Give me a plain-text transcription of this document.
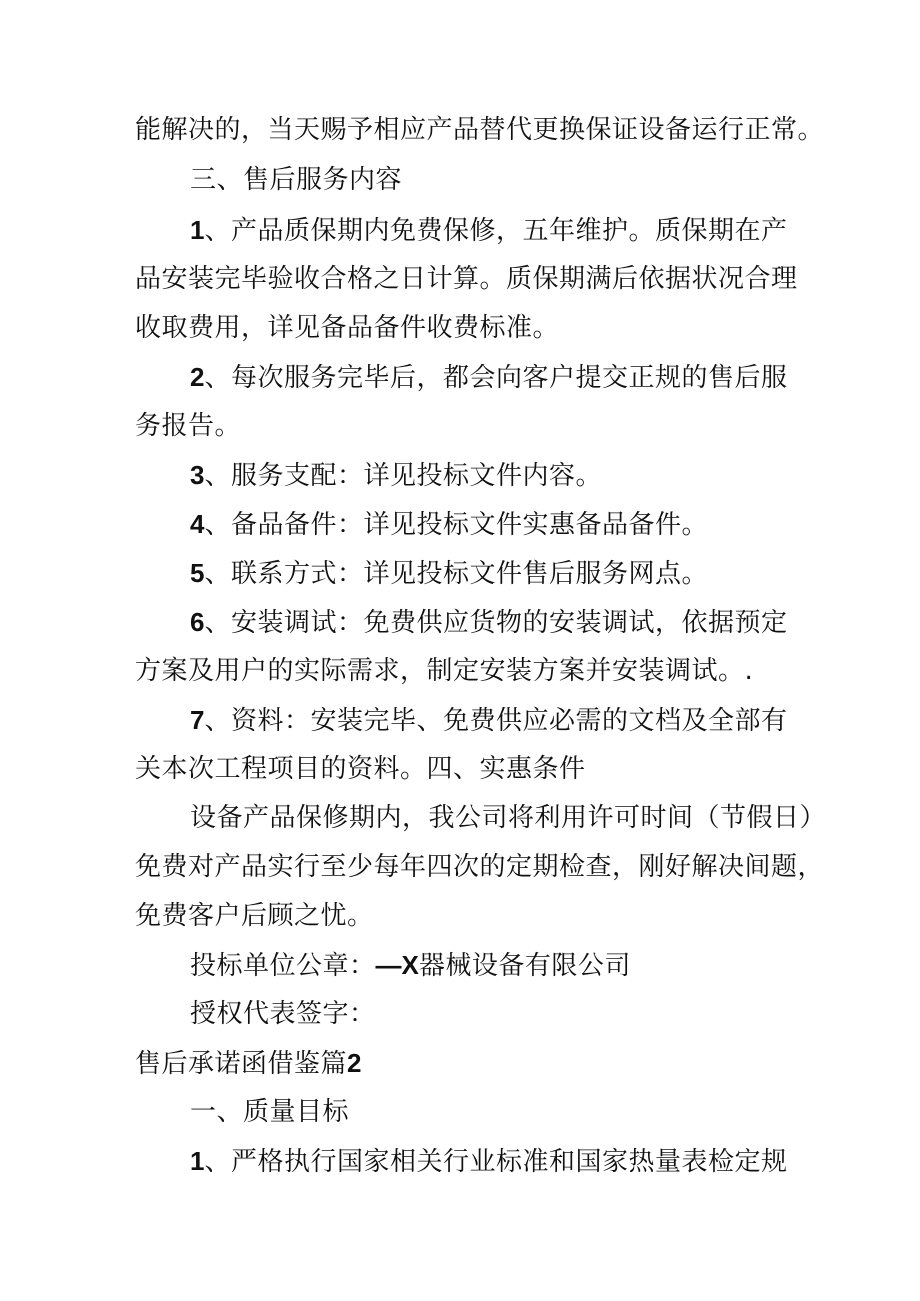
能解决的，当天赐予相应产品替代更换保证设备运行正常。
三、售后服务内容
1、产品质保期内免费保修，五年维护。质保期在产
品安装完毕验收合格之日计算。质保期满后依据状况合理
收取费用，详见备品备件收费标准。
2、每次服务完毕后，都会向客户提交正规的售后服
务报告。
3、服务支配：详见投标文件内容。
4、备品备件：详见投标文件实惠备品备件。
5、联系方式：详见投标文件售后服务网点。
6、安装调试：免费供应货物的安装调试，依据预定
方案及用户的实际需求，制定安装方案并安装调试。.
7、资料：安装完毕、免费供应必需的文档及全部有
关本次工程项目的资料。四、实惠条件
设备产品保修期内，我公司将利用许可时间（节假日）
免费对产品实行至少每年四次的定期检查，刚好解决间题，
免费客户后顾之忧。
投标单位公章：—X器械设备有限公司
授权代表签字：
售后承诺函借鉴篇2
一、质量目标
1、严格执行国家相关行业标准和国家热量表检定规
